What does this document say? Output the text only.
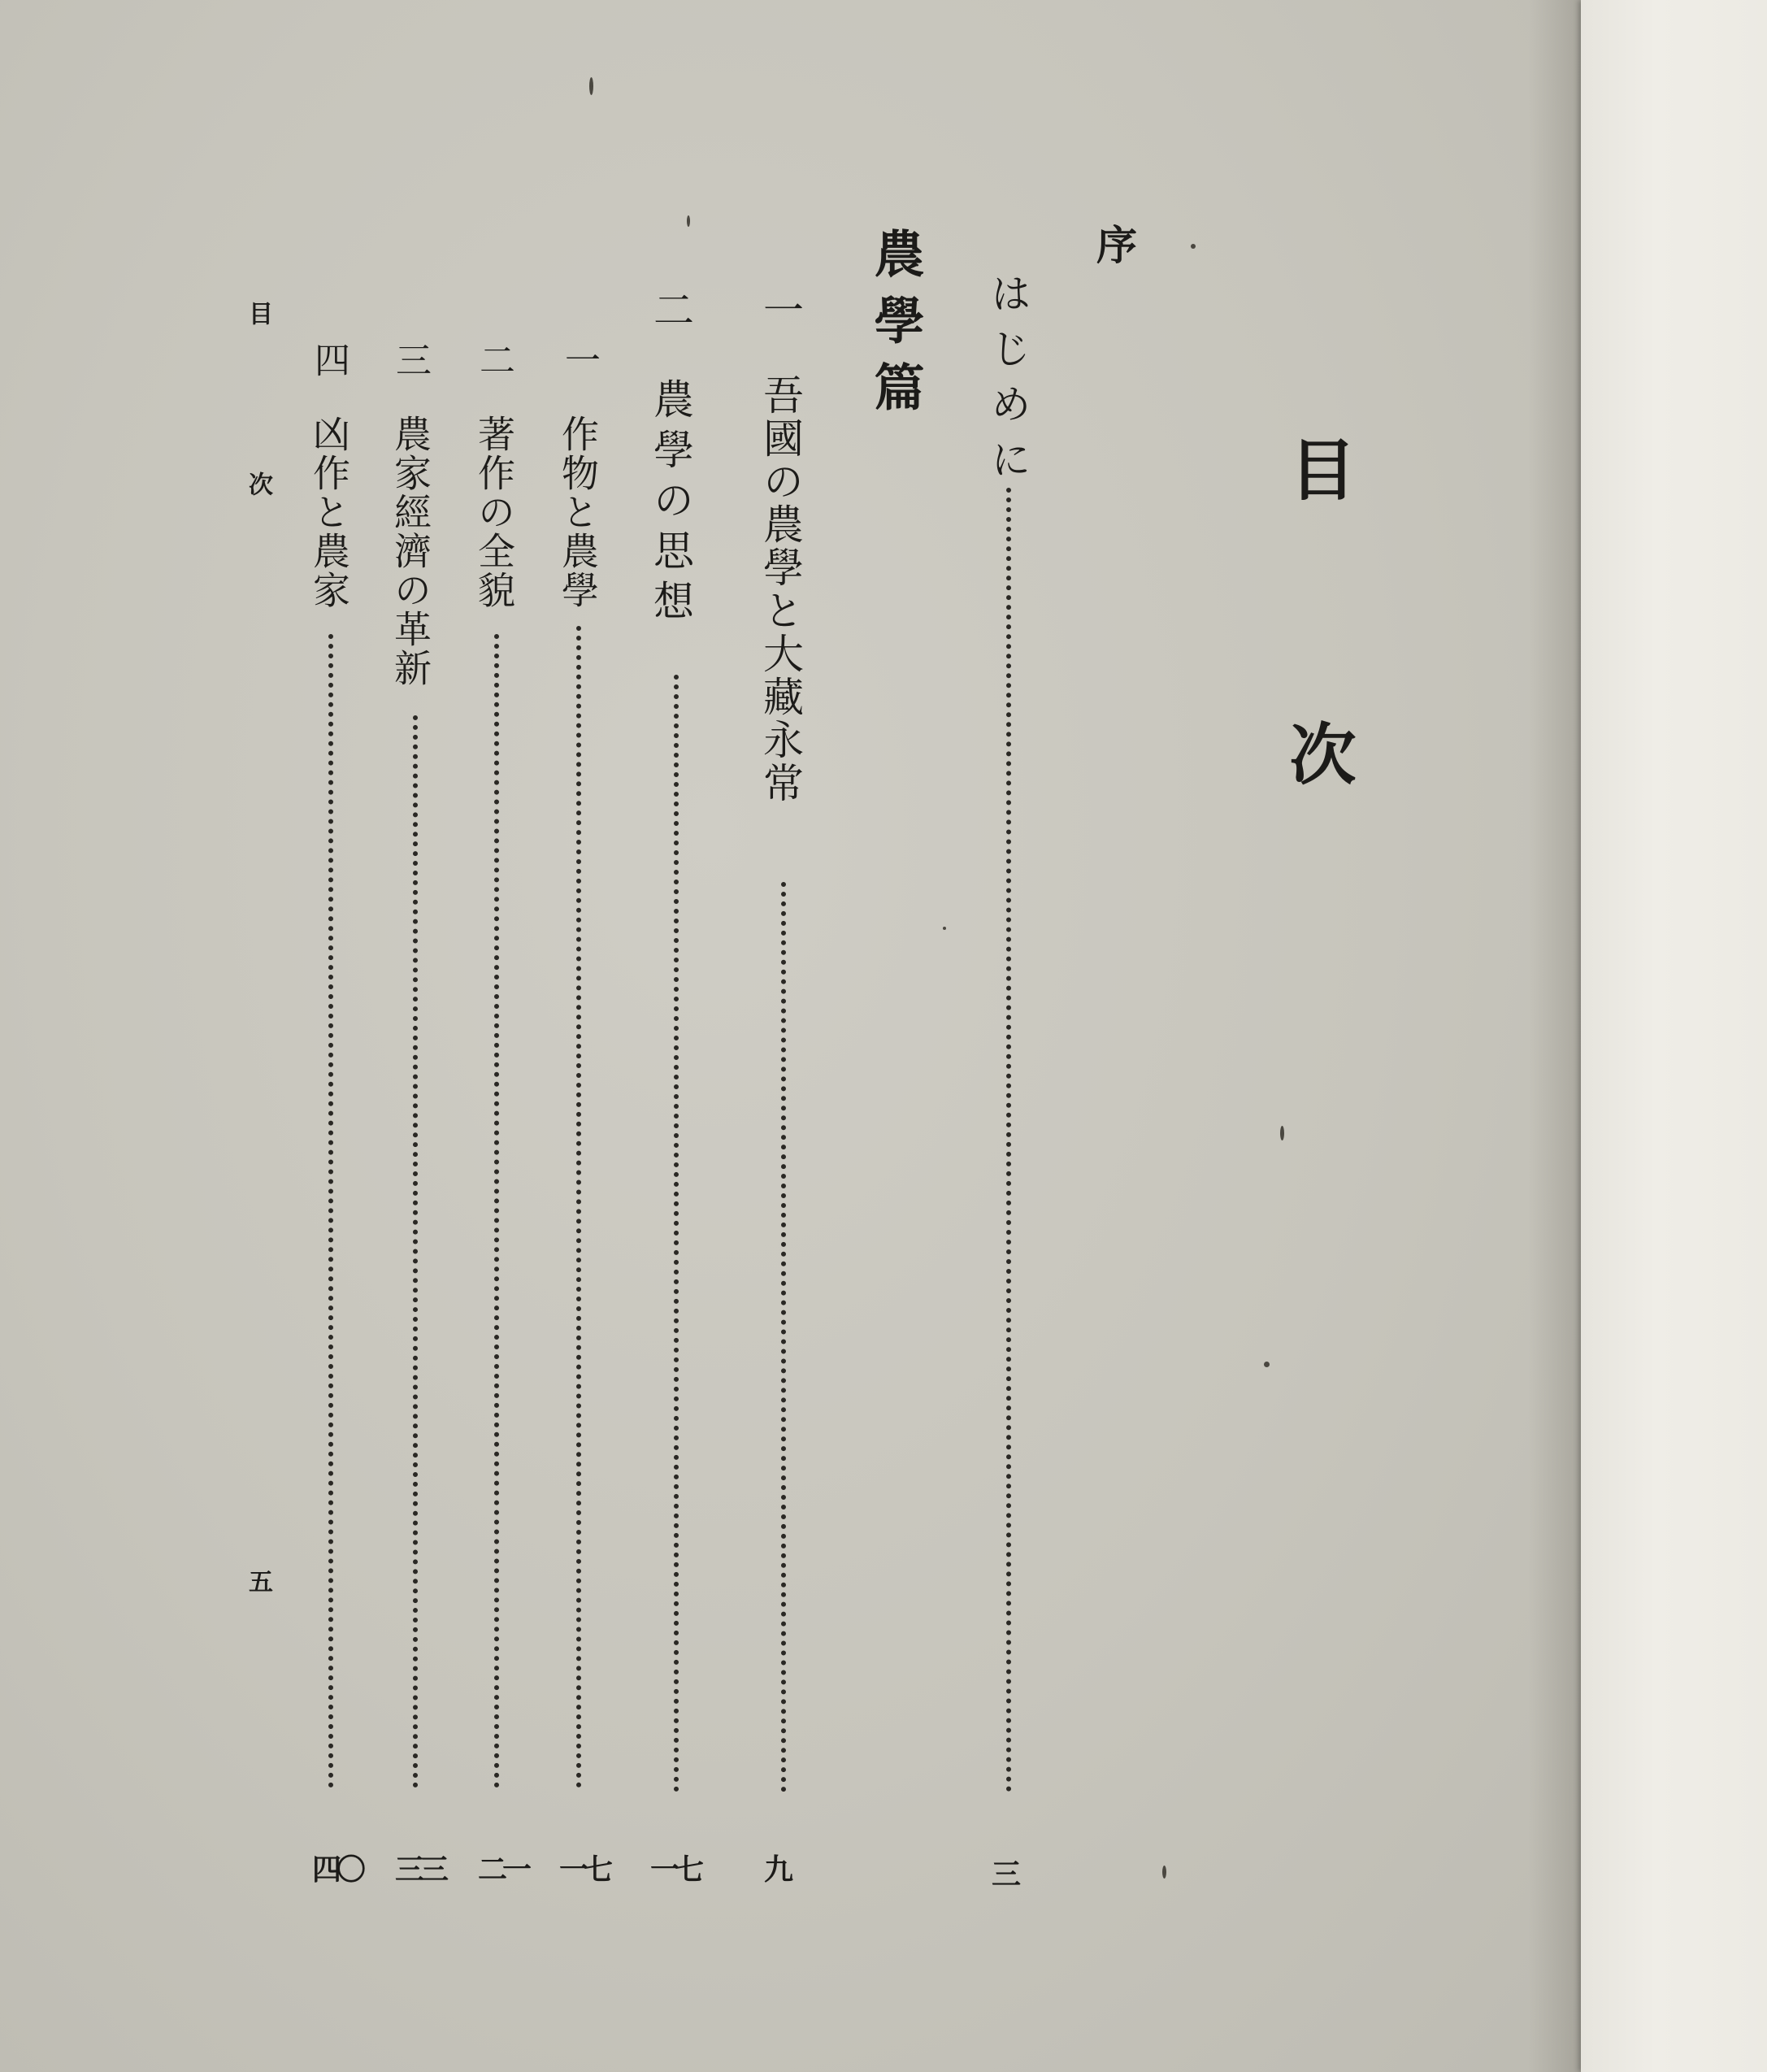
目
次
序
はじめに
三
農學篇
一
吾國の農學と大藏永常
九
二
農學の思想
一七
一
作物と農學
一七
二
著作の全貌
二一
三
農家經濟の革新
三三
四
凶作と農家
四〇
目次
五
